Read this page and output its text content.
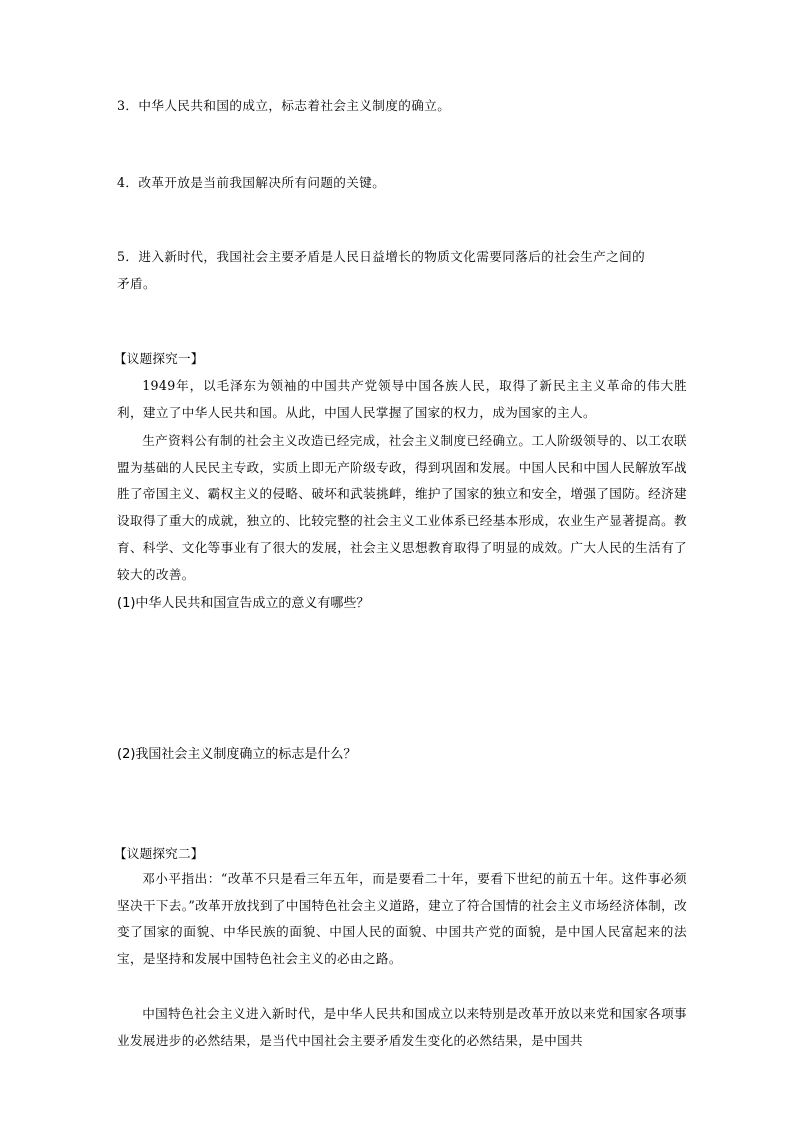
3．中华人民共和国的成立，标志着社会主义制度的确立。
4．改革开放是当前我国解决所有问题的关键。
5．进入新时代，我国社会主要矛盾是人民日益增长的物质文化需要同落后的社会生产之间的
矛盾。
【议题探究一】
1949年，以毛泽东为领袖的中国共产党领导中国各族人民，取得了新民主主义革命的伟大胜利，建立了中华人民共和国。从此，中国人民掌握了国家的权力，成为国家的主人。
生产资料公有制的社会主义改造已经完成，社会主义制度已经确立。工人阶级领导的、以工农联盟为基础的人民民主专政，实质上即无产阶级专政，得到巩固和发展。中国人民和中国人民解放军战胜了帝国主义、霸权主义的侵略、破坏和武装挑衅，维护了国家的独立和安全，增强了国防。经济建设取得了重大的成就，独立的、比较完整的社会主义工业体系已经基本形成，农业生产显著提高。教育、科学、文化等事业有了很大的发展，社会主义思想教育取得了明显的成效。广大人民的生活有了较大的改善。
(1)中华人民共和国宣告成立的意义有哪些？
(2)我国社会主义制度确立的标志是什么？
【议题探究二】
邓小平指出：“改革不只是看三年五年，而是要看二十年，要看下世纪的前五十年。这件事必须坚决干下去。”改革开放找到了中国特色社会主义道路，建立了符合国情的社会主义市场经济体制，改变了国家的面貌、中华民族的面貌、中国人民的面貌、中国共产党的面貌，是中国人民富起来的法宝，是坚持和发展中国特色社会主义的必由之路。
中国特色社会主义进入新时代，是中华人民共和国成立以来特别是改革开放以来党和国家各项事业发展进步的必然结果，是当代中国社会主要矛盾发生变化的必然结果，是中国共
